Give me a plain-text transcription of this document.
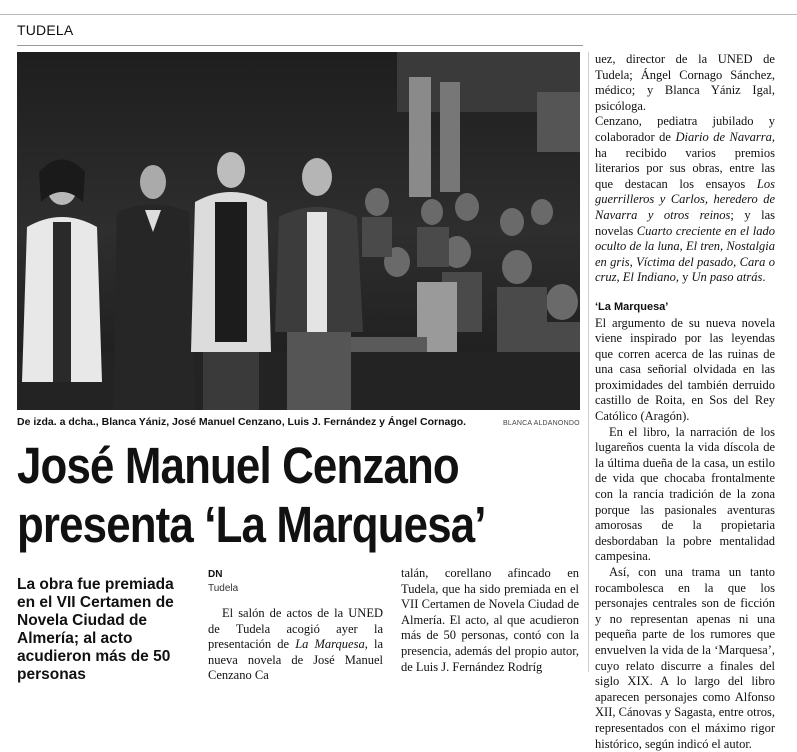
TUDELA
De izda. a dcha., Blanca Yániz, José Manuel Cenzano, Luis J. Fernández y Ángel Cornago.	BLANCA ALDANONDO
José Manuel Cenzano
presenta ‘La Marquesa’
La obra fue premiada en el VII Certamen de Novela Ciudad de Almería; al acto acudieron más de 50 personas
DN
Tudela

El salón de actos de la UNED de Tudela acogió ayer la presentación de La Marquesa, la nueva novela de José Manuel Cenzano Ca

talán, corellano afincado en Tudela, que ha sido premiada en el VII Certamen de Novela Ciudad de Almería. El acto, al que acudieron más de 50 personas, contó con la presencia, además del propio autor, de Luis J. Fernández Rodríg

uez, director de la UNED de Tudela; Ángel Cornago Sánchez, médico; y Blanca Yániz Igal, psicóloga.

Cenzano, pediatra jubilado y colaborador de Diario de Navarra, ha recibido varios premios literarios por sus obras, entre las que destacan los ensayos Los guerrilleros y Carlos, heredero de Navarra y otros reinos; y las novelas Cuarto creciente en el lado oculto de la luna, El tren, Nostalgia en gris, Víctima del pasado, Cara o cruz, El Indiano, y Un paso atrás.

‘La Marquesa’

El argumento de su nueva novela viene inspirado por las leyendas que corren acerca de las ruinas de una casa señorial olvidada en las proximidades del también derruido castillo de Roita, en Sos del Rey Católico (Aragón).

En el libro, la narración de los lugareños cuenta la vida díscola de la última dueña de la casa, un estilo de vida que chocaba frontalmente con la rancia tradición de la zona porque las pasionales aventuras amorosas de la propietaria desbordaban la pobre mentalidad campesina.

Así, con una trama un tanto rocambolesca en la que los personajes centrales son de ficción y no representan apenas ni una pequeña parte de los rumores que envuelven la vida de la ‘Marquesa’, cuyo relato discurre a finales del siglo XIX. A lo largo del libro aparecen personajes como Alfonso XII, Cánovas y Sagasta, entre otros, representados con el máximo rigor histórico, según indicó el autor.
